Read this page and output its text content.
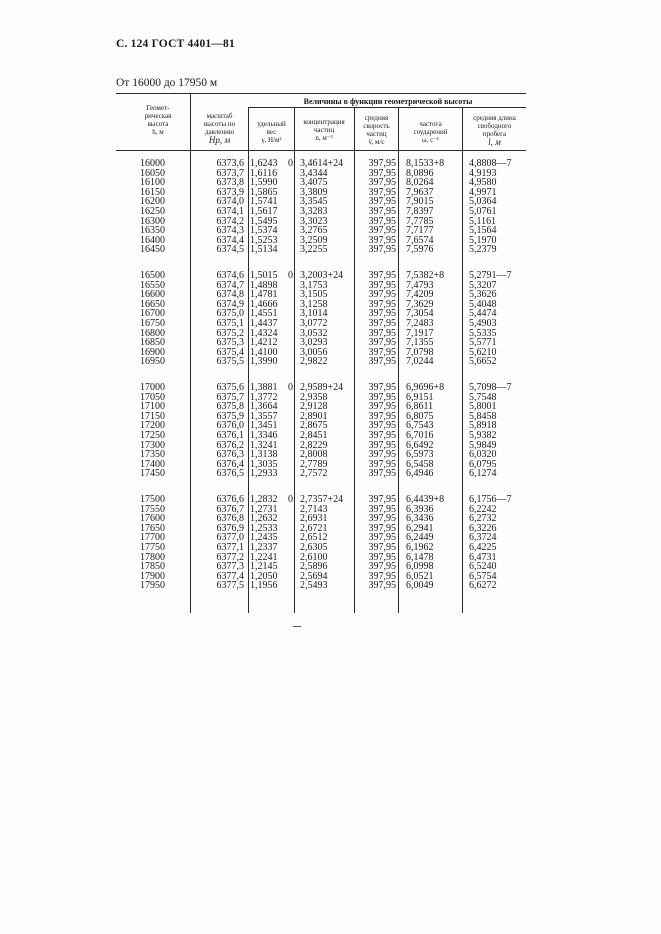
С. 124 ГОСТ 4401—81
От 16000 до 17950 м
Величины в функции геометрической высоты
Геомет-
рическая
высота
h, м
масштаб
высоты по
давлению
Hp, м
удельный
вес
γ, Н/м²
концентрация
частиц
n, м⁻³
средняя
скорость
частиц
v̄, м/с
частота
соударений
ω, с⁻¹
средняя длина
свободного
пробега
l, м
16000
16050
16100
16150
16200
16250
16300
16350
16400
16450
6373,6
6373,7
6373,8
6373,9
6374,0
6374,1
6374,2
6374,3
6374,4
6374,5
1,6243
1,6116
1,5990
1,5865
1,5741
1,5617
1,5495
1,5374
1,5253
1,5134
3,4614+24
3,4344
3,4075
3,3809
3,3545
3,3283
3,3023
3,2765
3,2509
3,2255
397,95
397,95
397,95
397,95
397,95
397,95
397,95
397,95
397,95
397,95
8,1533+8
8,0896
8,0264
7,9637
7,9015
7,8397
7,7785
7,7177
7,6574
7,5976
4,8808—7
4,9193
4,9580
4,9971
5,0364
5,0761
5,1161
5,1564
5,1970
5,2379
0
16500
16550
16600
16650
16700
16750
16800
16850
16900
16950
6374,6
6374,7
6374,8
6374,9
6375,0
6375,1
6375,2
6375,3
6375,4
6375,5
1,5015
1,4898
1,4781
1,4666
1,4551
1,4437
1,4324
1,4212
1,4100
1,3990
3,2003+24
3,1753
3,1505
3,1258
3,1014
3,0772
3,0532
3,0293
3,0056
2,9822
397,95
397,95
397,95
397,95
397,95
397,95
397,95
397,95
397,95
397,95
7,5382+8
7,4793
7,4209
7,3629
7,3054
7,2483
7,1917
7,1355
7,0798
7,0244
5,2791—7
5,3207
5,3626
5,4048
5,4474
5,4903
5,5335
5,5771
5,6210
5,6652
0
17000
17050
17100
17150
17200
17250
17300
17350
17400
17450
6375,6
6375,7
6375,8
6375,9
6376,0
6376,1
6376,2
6376,3
6376,4
6376,5
1,3881
1,3772
1,3664
1,3557
1,3451
1,3346
1,3241
1,3138
1,3035
1,2933
2,9589+24
2,9358
2,9128
2,8901
2,8675
2,8451
2,8229
2,8008
2,7789
2,7572
397,95
397,95
397,95
397,95
397,95
397,95
397,95
397,95
397,95
397,95
6,9696+8
6,9151
6,8611
6,8075
6,7543
6,7016
6,6492
6,5973
6,5458
6,4946
5,7098—7
5,7548
5,8001
5,8458
5,8918
5,9382
5,9849
6,0320
6,0795
6,1274
0
17500
17550
17600
17650
17700
17750
17800
17850
17900
17950
6376,6
6376,7
6376,8
6376,9
6377,0
6377,1
6377,2
6377,3
6377,4
6377,5
1,2832
1,2731
1,2632
1,2533
1,2435
1,2337
1,2241
1,2145
1,2050
1,1956
2,7357+24
2,7143
2,6931
2,6721
2,6512
2,6305
2,6100
2,5896
2,5694
2,5493
397,95
397,95
397,95
397,95
397,95
397,95
397,95
397,95
397,95
397,95
6,4439+8
6,3936
6,3436
6,2941
6,2449
6,1962
6,1478
6,0998
6,0521
6,0049
6,1756—7
6,2242
6,2732
6,3226
6,3724
6,4225
6,4731
6,5240
6,5754
6,6272
0
